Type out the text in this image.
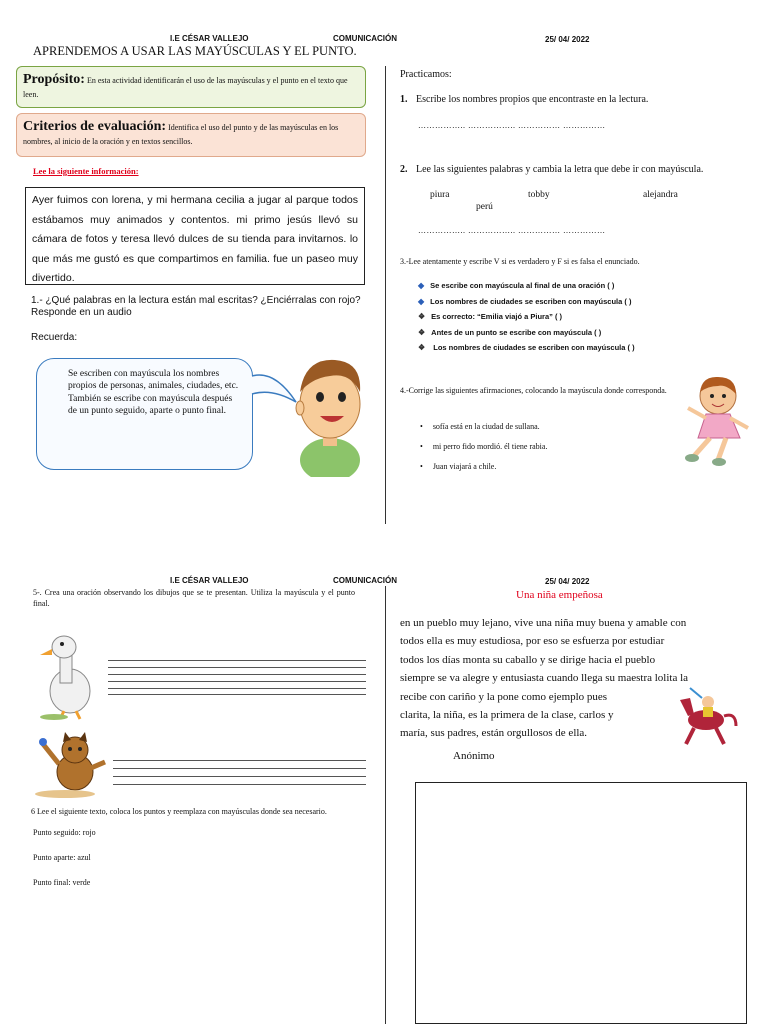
I.E CÉSAR VALLEJO	COMUNICACIÓN	25/ 04/ 2022
APRENDEMOS A USAR LAS MAYÚSCULAS Y EL PUNTO.
Propósito: En esta actividad identificarán el uso de las mayúsculas y el punto en el texto que leen.
Criterios de evaluación: Identifica el uso del punto y de las mayúsculas en los nombres, al inicio de la oración y en textos sencillos.
Lee la siguiente información:
Ayer fuimos con lorena, y mi hermana cecilia a jugar al parque todos estábamos muy animados y contentos. mi primo jesús llevó su cámara de fotos y teresa llevó dulces de su tienda para invitarnos. lo que más me gustó es que compartimos en familia. fue un paseo muy divertido.
1.- ¿Qué palabras en la lectura están mal escritas? ¿Enciérralas con rojo? Responde en un audio
Recuerda:
Se escriben con mayúscula los nombres propios de personas, animales, ciudades, etc. También se escribe con mayúscula después de un punto seguido, aparte o punto final.
Practicamos:
1. Escribe los nombres propios que encontraste en la lectura.
…………….. …………….. …………… ……………
2. Lee las siguientes palabras y cambia la letra que debe ir con mayúscula.
piura	tobby	alejandra
perú
…………….. …………….. …………… ……………
3.-Lee atentamente y escribe V si es verdadero y F si es falsa el enunciado.
◆ Se escribe con mayúscula al final de una oración ( )
◆ Los nombres de ciudades se escriben con mayúscula ( )
❖ Es correcto: “Emilia viajó a Piura” ( )
❖ Antes de un punto se escribe con mayúscula ( )
❖ Los nombres de ciudades se escriben con mayúscula ( )
4.-Corrige las siguientes afirmaciones, colocando la mayúscula donde corresponda.
• sofía está en la ciudad de sullana.
• mi perro fido mordió. él tiene rabia.
• Juan viajará a chile.
I.E CÉSAR VALLEJO	COMUNICACIÓN	25/ 04/ 2022
5-. Crea una oración observando los dibujos que se te presentan. Utiliza la mayúscula y el punto final.
6 Lee el siguiente texto, coloca los puntos y reemplaza con mayúsculas donde sea necesario.
Punto seguido: rojo
Punto aparte: azul
Punto final: verde
Una niña empeñosa
en un pueblo muy lejano, vive una niña muy buena y amable con
todos ella es muy estudiosa, por eso se esfuerza por estudiar
todos los días monta su caballo y se dirige hacia el pueblo
siempre se va alegre y entusiasta cuando llega su maestra lolita la
recibe con cariño y la pone como ejemplo pues
clarita, la niña, es la primera de la clase, carlos y
maría, sus padres, están orgullosos de ella.
Anónimo
